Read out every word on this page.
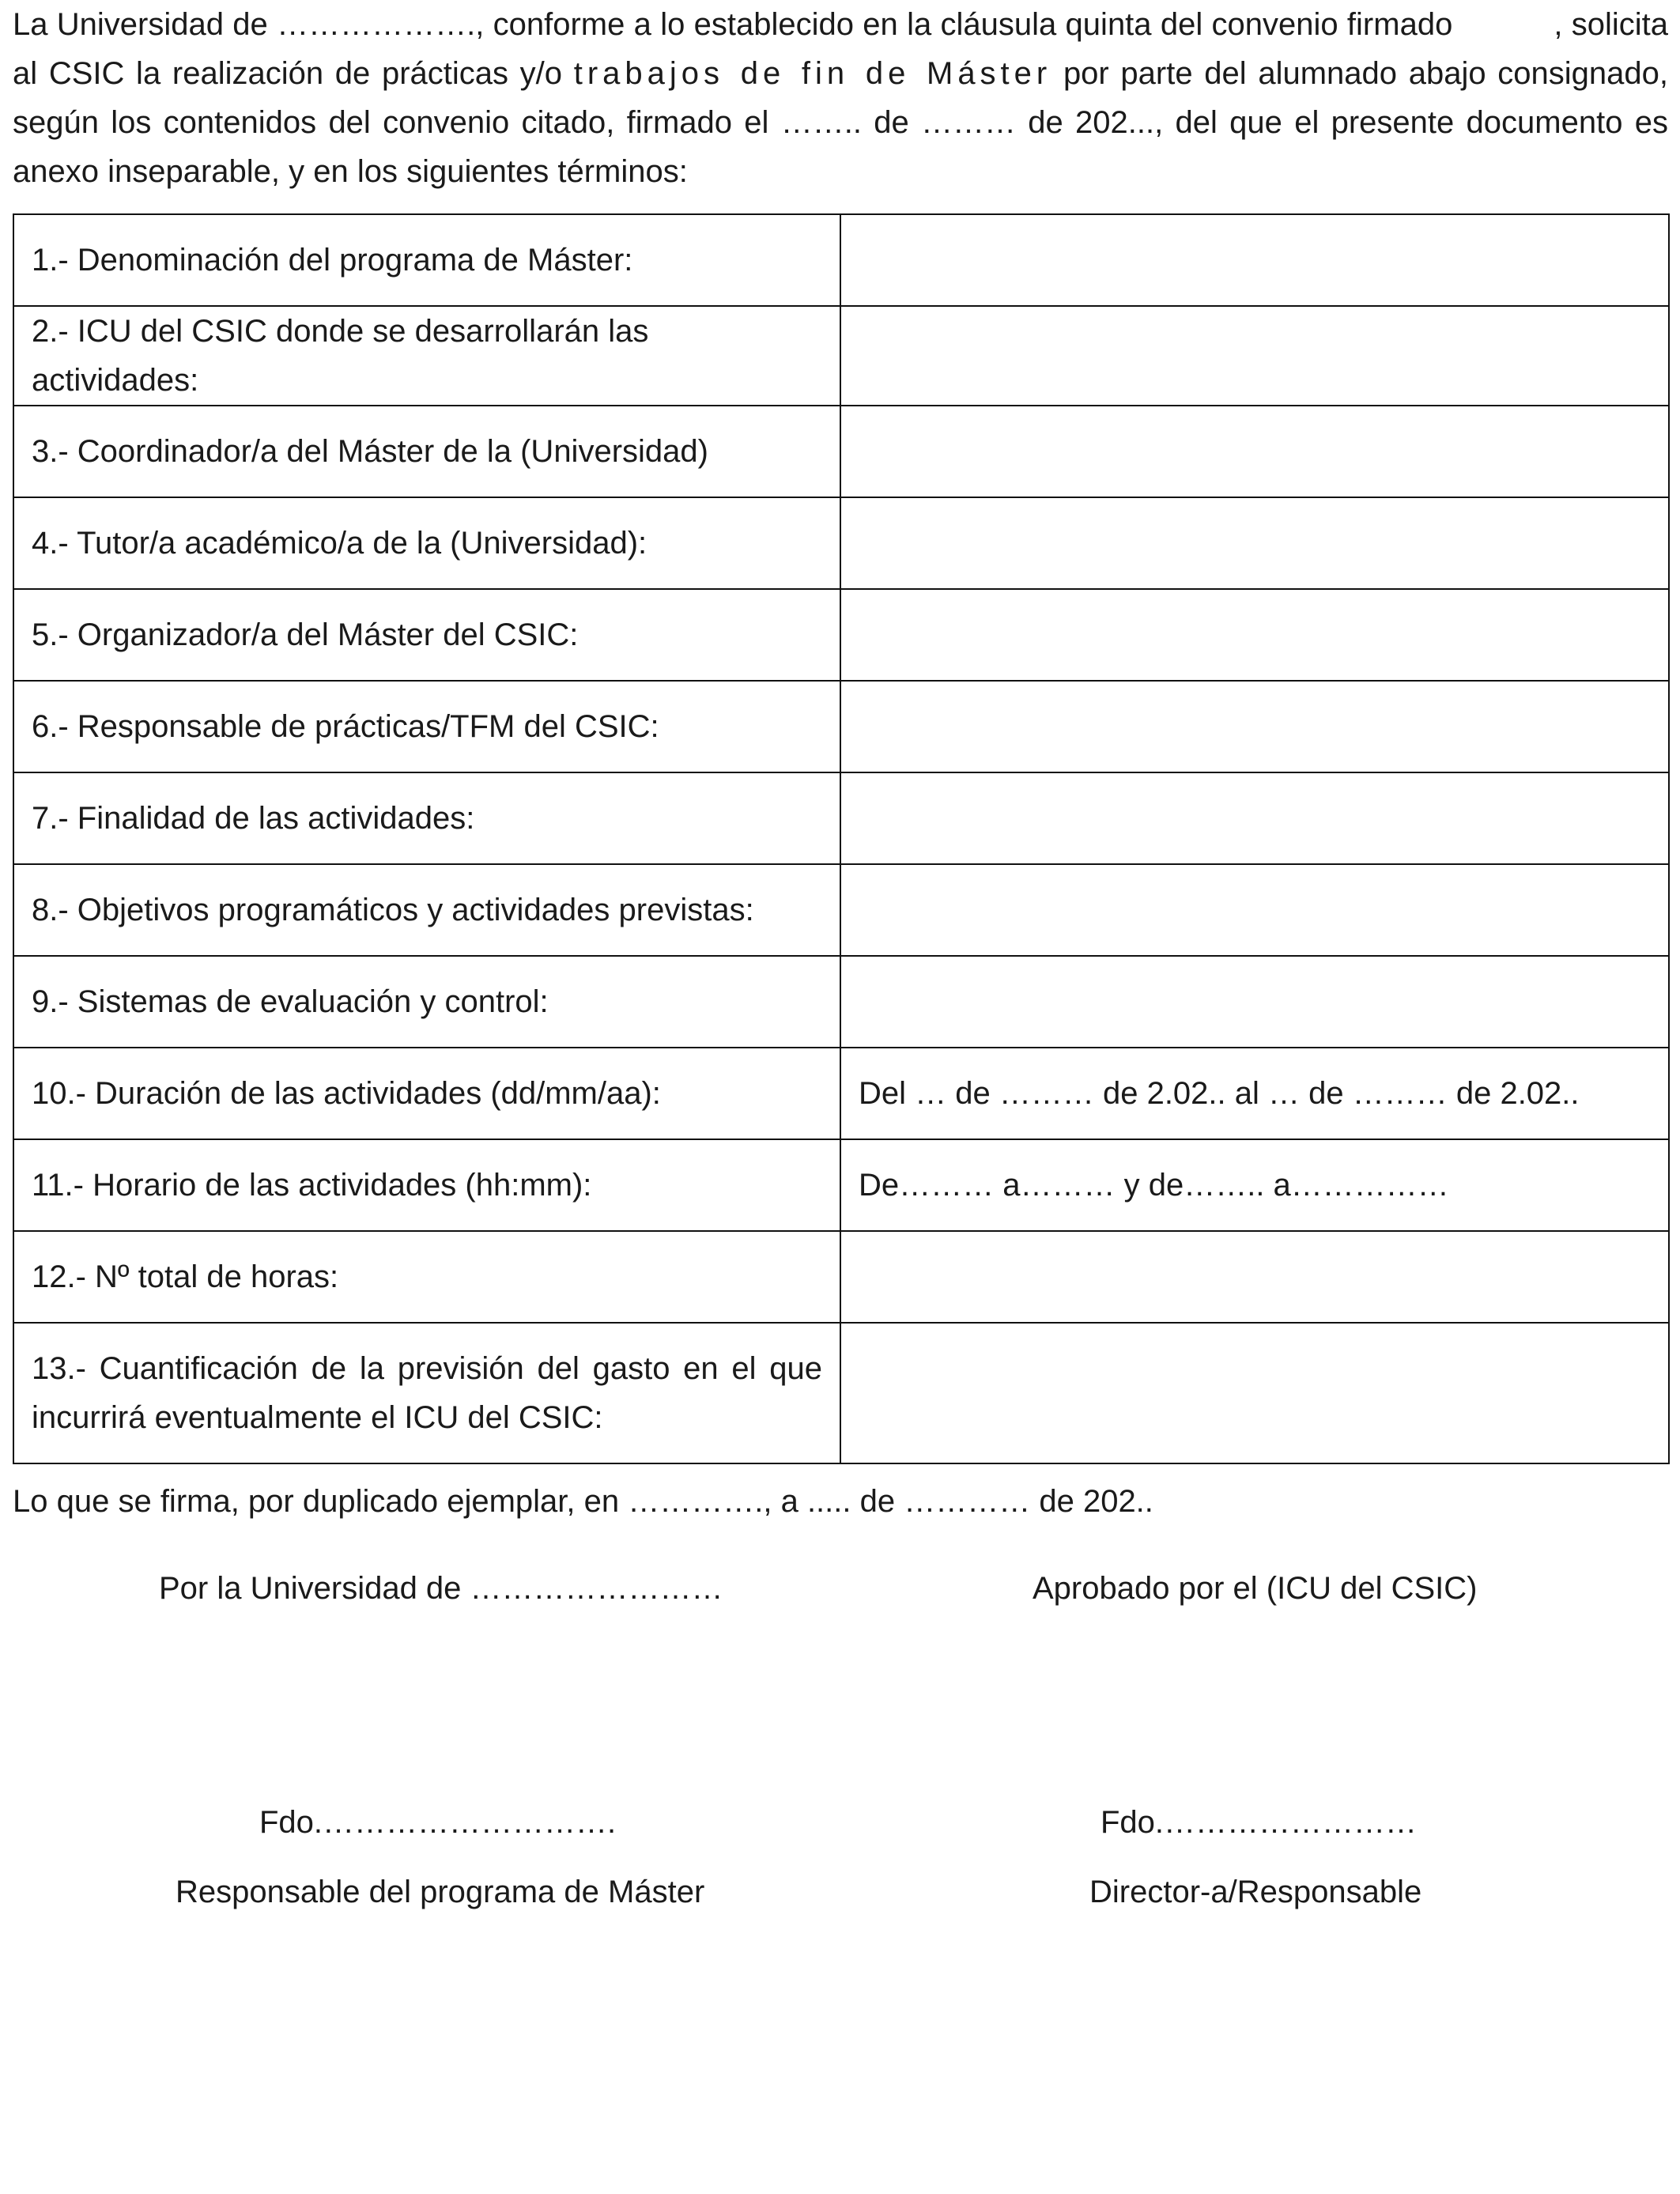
La Universidad de ………………., conforme a lo establecido en la cláusula quinta del convenio firmado	, solicita al CSIC la realización de prácticas y/o trabajos de fin de Máster por parte del alumnado abajo consignado, según los contenidos del convenio citado, firmado el …….. de ……… de 202..., del que el presente documento es anexo inseparable, y en los siguientes términos:

1.- Denominación del programa de Máster:	
2.- ICU del CSIC donde se desarrollarán las actividades:	
3.- Coordinador/a del Máster de la (Universidad)	
4.- Tutor/a académico/a de la (Universidad):	
5.- Organizador/a del Máster del CSIC:	
6.- Responsable de prácticas/TFM del CSIC:	
7.- Finalidad de las actividades:	
8.- Objetivos programáticos y actividades previstas:	
9.- Sistemas de evaluación y control:	
10.- Duración de las actividades (dd/mm/aa):	Del … de ……… de 2.02.. al … de ……… de 2.02..
11.- Horario de las actividades (hh:mm):	De……… a……… y de…….. a……………
12.- Nº total de horas:	
13.- Cuantificación de la previsión del gasto en el que incurrirá eventualmente el ICU del CSIC:	

Lo que se firma, por duplicado ejemplar, en …………., a ..... de ………… de 202..

Por la Universidad de ……………………	Aprobado por el (ICU del CSIC)
Fdo.……………………….	Fdo.……………………
Responsable del programa de Máster	Director-a/Responsable
